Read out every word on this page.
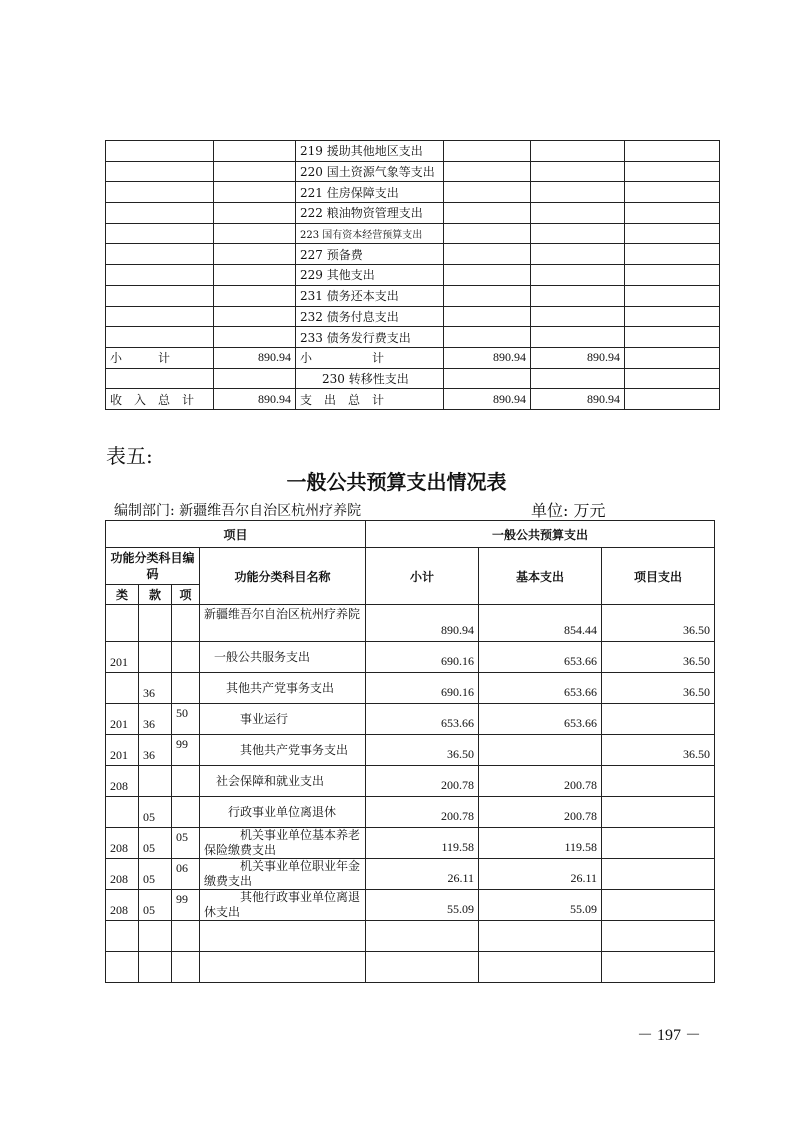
		219 援助其他地区支出			
		220 国土资源气象等支出			
		221 住房保障支出			
		222 粮油物资管理支出			
		223 国有资本经营预算支出			
		227 预备费			
		229 其他支出			
		231 债务还本支出			
		232 债务付息支出			
		233 债务发行费支出			
小　　　计	890.94	小　　　　　计	890.94	890.94	
		230 转移性支出			
收　入　总　计	890.94	支　出　总　计	890.94	890.94	
表五:
一般公共预算支出情况表
编制部门: 新疆维吾尔自治区杭州疗养院	单位: 万元
项目				一般公共预算支出		
功能分类科目编码			功能分类科目名称	小计	基本支出	项目支出
类	款	项				
			新疆维吾尔自治区杭州疗养院	890.94	854.44	36.50
201			一般公共服务支出	690.16	653.66	36.50
	36		其他共产党事务支出	690.16	653.66	36.50
201	36	50	事业运行	653.66	653.66	
201	36	99	其他共产党事务支出	36.50		36.50
208			社会保障和就业支出	200.78	200.78	
	05		行政事业单位离退休	200.78	200.78	
208	05	05	机关事业单位基本养老保险缴费支出	119.58	119.58	
208	05	06	机关事业单位职业年金缴费支出	26.11	26.11	
208	05	99	其他行政事业单位离退休支出	55.09	55.09	

－ 197 －
